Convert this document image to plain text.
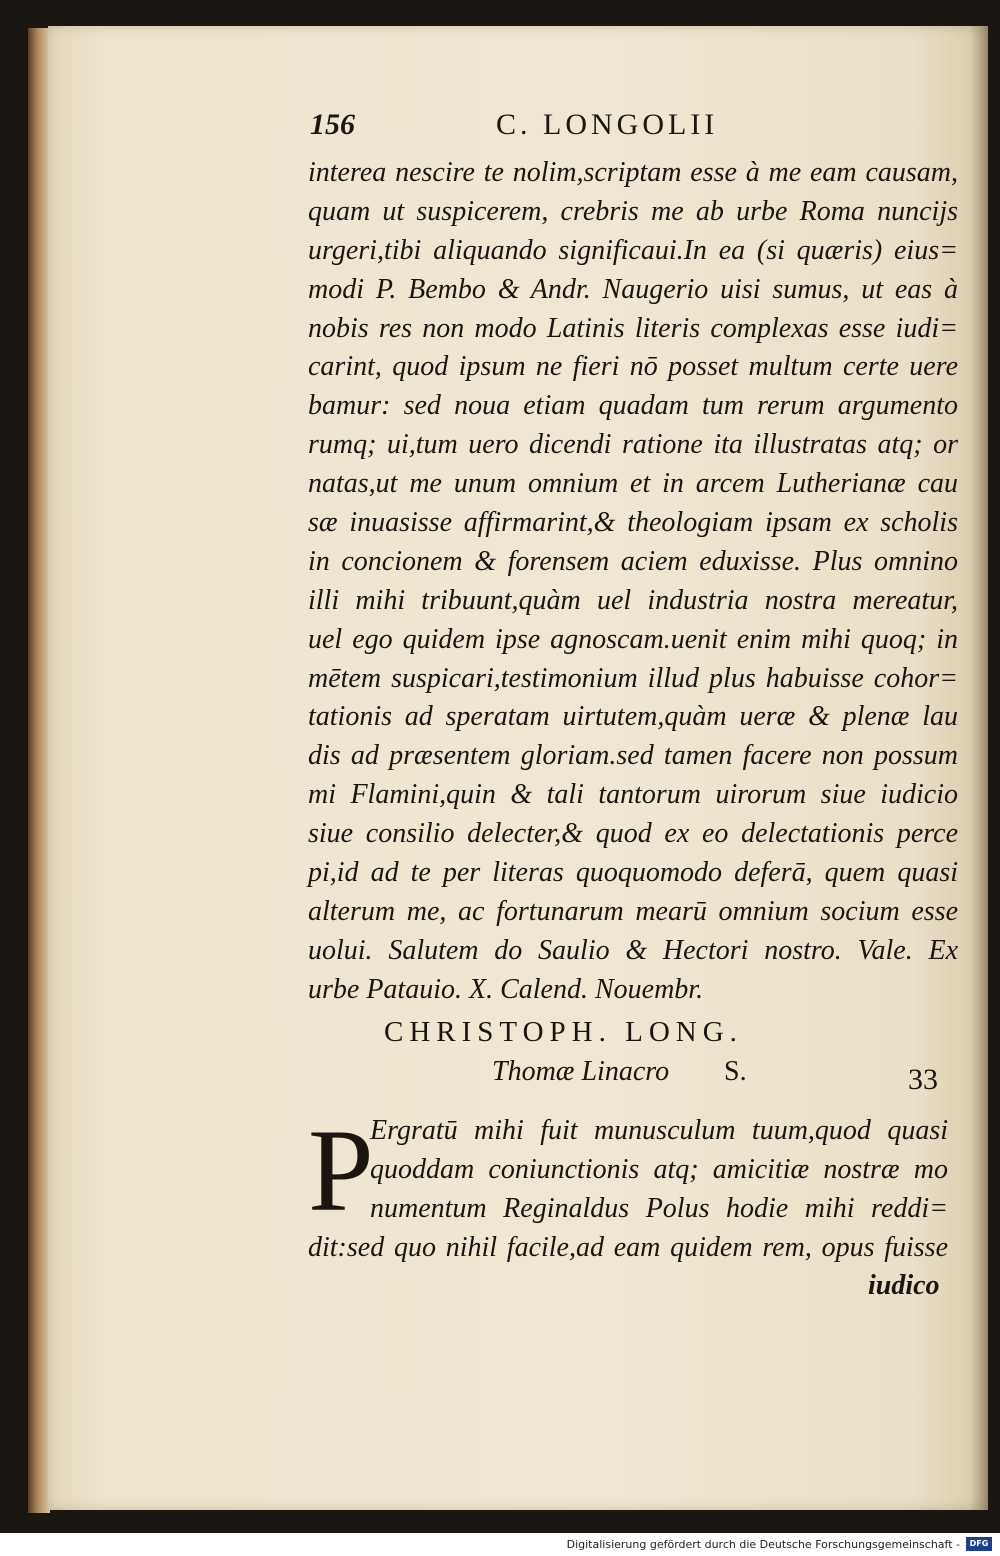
156	C. LONGOLII
interea nescire te nolim,scriptam esse à me eam causam,
quam ut suspicerem, crebris me ab urbe Roma nuncijs
urgeri,tibi aliquando significaui.In ea (si quæris) eius=
modi P. Bembo & Andr. Naugerio uisi sumus, ut eas à
nobis res non modo Latinis literis complexas esse iudi=
carint, quod ipsum ne fieri nō posset multum certe uere
bamur: sed noua etiam quadam tum rerum argumento
rumq; ui,tum uero dicendi ratione ita illustratas atq; or
natas,ut me unum omnium et in arcem Lutherianæ cau
sæ inuasisse affirmarint,& theologiam ipsam ex scholis
in concionem & forensem aciem eduxisse. Plus omnino
illi mihi tribuunt,quàm uel industria nostra mereatur,
uel ego quidem ipse agnoscam.uenit enim mihi quoq; in
mētem suspicari,testimonium illud plus habuisse cohor=
tationis ad speratam uirtutem,quàm ueræ & plenæ lau
dis ad præsentem gloriam.sed tamen facere non possum
mi Flamini,quin & tali tantorum uirorum siue iudicio
siue consilio delecter,& quod ex eo delectationis perce
pi,id ad te per literas quoquomodo deferā, quem quasi
alterum me, ac fortunarum mearū omnium socium esse
uolui. Salutem do Saulio & Hectori nostro. Vale. Ex
urbe Patauio. X. Calend. Nouembr.
CHRISTOPH. LONG.
Thomæ Linacro S.	33
P
Ergratū mihi fuit munusculum tuum,quod quasi
quoddam coniunctionis atq; amicitiæ nostræ mo
numentum Reginaldus Polus hodie mihi reddi=
dit:sed quo nihil facile,ad eam quidem rem, opus fuisse
iudico
Digitalisierung gefördert durch die Deutsche Forschungsgemeinschaft -	DFG
